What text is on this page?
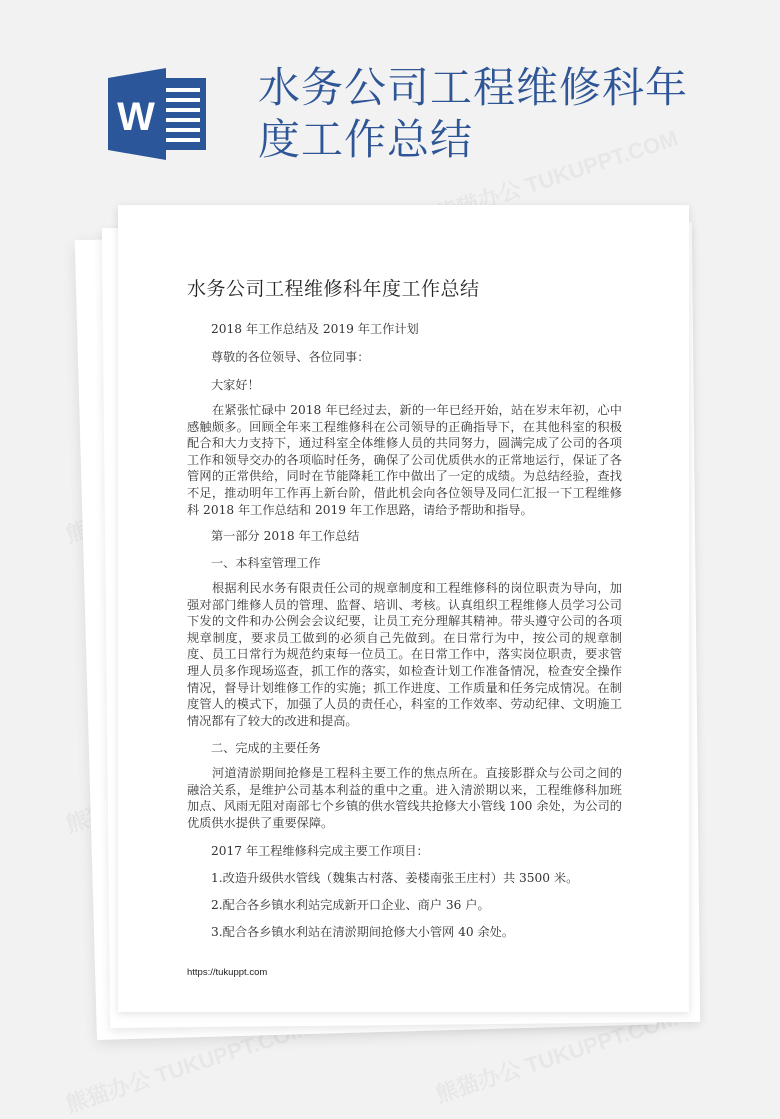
W
水务公司工程维修科年度工作总结
水务公司工程维修科年度工作总结
2018 年工作总结及 2019 年工作计划
尊敬的各位领导、各位同事：
大家好！
在紧张忙碌中 2018 年已经过去，新的一年已经开始，站在岁末年初，心中感触颇多。回顾全年来工程维修科在公司领导的正确指导下，在其他科室的积极配合和大力支持下，通过科室全体维修人员的共同努力，圆满完成了公司的各项工作和领导交办的各项临时任务，确保了公司优质供水的正常地运行，保证了各管网的正常供给，同时在节能降耗工作中做出了一定的成绩。为总结经验，查找不足，推动明年工作再上新台阶，借此机会向各位领导及同仁汇报一下工程维修科 2018 年工作总结和 2019 年工作思路，请给予帮助和指导。
第一部分 2018 年工作总结
一、本科室管理工作
根据利民水务有限责任公司的规章制度和工程维修科的岗位职责为导向，加强对部门维修人员的管理、监督、培训、考核。认真组织工程维修人员学习公司下发的文件和办公例会会议纪要，让员工充分理解其精神。带头遵守公司的各项规章制度，要求员工做到的必须自己先做到。在日常行为中，按公司的规章制度、员工日常行为规范约束每一位员工。在日常工作中，落实岗位职责，要求管理人员多作现场巡查，抓工作的落实，如检查计划工作准备情况，检查安全操作情况，督导计划维修工作的实施；抓工作进度、工作质量和任务完成情况。在制度管人的模式下，加强了人员的责任心，科室的工作效率、劳动纪律、文明施工情况都有了较大的改进和提高。
二、完成的主要任务
河道清淤期间抢修是工程科主要工作的焦点所在。直接影群众与公司之间的融洽关系，是维护公司基本利益的重中之重。进入清淤期以来，工程维修科加班加点、风雨无阻对南部七个乡镇的供水管线共抢修大小管线 100 余处，为公司的优质供水提供了重要保障。
2017 年工程维修科完成主要工作项目：
1.改造升级供水管线（魏集古村落、姜楼南张王庄村）共 3500 米。
2.配合各乡镇水利站完成新开口企业、商户 36 户。
3.配合各乡镇水利站在清淤期间抢修大小管网 40 余处。
https://tukuppt.com
